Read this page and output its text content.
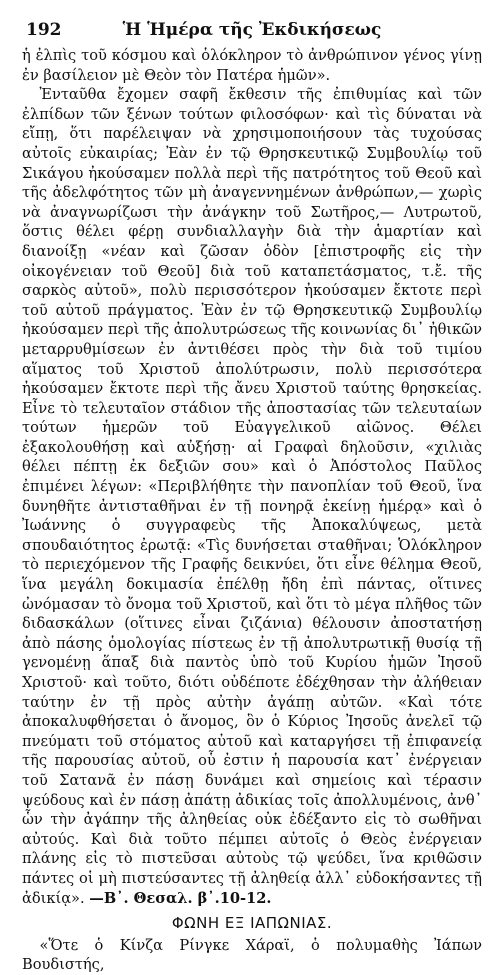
192	Ἡ Ἡμέρα τῆς Ἐκδικήσεως

ἡ ἐλπὶς τοῦ κόσμου καὶ ὁλόκληρον τὸ ἀνθρώπινον γένος γίνῃ ἐν βασίλειον μὲ Θεὸν τὸν Πατέρα ἡμῶν».

Ἐνταῦθα ἔχομεν σαφῆ ἔκθεσιν τῆς ἐπιθυμίας καὶ τῶν ἐλπίδων τῶν ξένων τούτων φιλοσόφων· καὶ τὶς δύναται νὰ εἴπῃ, ὅτι παρέλειψαν νὰ χρησιμοποιήσουν τὰς τυχούσας αὐτοῖς εὐκαιρίας; Ἐὰν ἐν τῷ Θρησκευτικῷ Συμβουλίῳ τοῦ Σικάγου ἠκούσαμεν πολλὰ περὶ τῆς πατρότητος τοῦ Θεοῦ καὶ τῆς ἀδελφότητος τῶν μὴ ἀναγεννημένων ἀνθρώπων,— χωρὶς νὰ ἀναγνωρίζωσι τὴν ἀνάγκην τοῦ Σωτῆρος,— Λυτρωτοῦ, ὅστις θέλει φέρῃ συνδιαλλαγὴν διὰ τὴν ἁμαρτίαν καὶ διανοίξῃ «νέαν καὶ ζῶσαν ὁδὸν [ἐπιστροφῆς εἰς τὴν οἰκογένειαν τοῦ Θεοῦ] διὰ τοῦ καταπετάσματος, τ.ἔ. τῆς σαρκὸς αὐτοῦ», πολὺ περισσότερον ἠκούσαμεν ἔκτοτε περὶ τοῦ αὐτοῦ πράγματος. Ἐὰν ἐν τῷ Θρησκευτικῷ Συμβουλίῳ ἠκούσαμεν περὶ τῆς ἀπολυτρώσεως τῆς κοινωνίας δι᾽ ἠθικῶν μεταρρυθμίσεων ἐν ἀντιθέσει πρὸς τὴν διὰ τοῦ τιμίου αἵματος τοῦ Χριστοῦ ἀπολύτρωσιν, πολὺ περισσότερα ἠκούσαμεν ἔκτοτε περὶ τῆς ἄνευ Χριστοῦ ταύτης θρησκείας. Εἶνε τὸ τελευταῖον στάδιον τῆς ἀποστασίας τῶν τελευταίων τούτων ἡμερῶν τοῦ Εὐαγγελικοῦ αἰῶνος. Θέλει ἐξακολουθήσῃ καὶ αὐξήσῃ· αἱ Γραφαὶ δηλοῦσιν, «χιλιὰς θέλει πέπτῃ ἐκ δεξιῶν σου» καὶ ὁ Ἀπόστολος Παῦλος ἐπιμένει λέγων: «Περιβλήθητε τὴν πανοπλίαν τοῦ Θεοῦ, ἵνα δυνηθῆτε ἀντισταθῆναι ἐν τῇ πονηρᾷ ἐκείνῃ ἡμέρᾳ» καὶ ὁ Ἰωάννης ὁ συγγραφεὺς τῆς Ἀποκαλύψεως, μετὰ σπουδαιότητος ἐρωτᾷ: «Τὶς δυνήσεται σταθῆναι; Ὁλόκληρον τὸ περιεχόμενον τῆς Γραφῆς δεικνύει, ὅτι εἶνε θέλημα Θεοῦ, ἵνα μεγάλη δοκιμασία ἐπέλθῃ ἤδη ἐπὶ πάντας, οἵτινες ὠνόμασαν τὸ ὄνομα τοῦ Χριστοῦ, καὶ ὅτι τὸ μέγα πλῆθος τῶν διδασκάλων (οἵτινες εἶναι ζιζάνια) θέλουσιν ἀποστατήσῃ ἀπὸ πάσης ὁμολογίας πίστεως ἐν τῇ ἀπολυτρωτικῇ θυσίᾳ τῇ γενομένῃ ἅπαξ διὰ παντὸς ὑπὸ τοῦ Κυρίου ἡμῶν Ἰησοῦ Χριστοῦ· καὶ τοῦτο, διότι οὐδέποτε ἐδέχθησαν τὴν ἀλήθειαν ταύτην ἐν τῇ πρὸς αὐτὴν ἀγάπῃ αὐτῶν. «Καὶ τότε ἀποκαλυφθήσεται ὁ ἄνομος, ὃν ὁ Κύριος Ἰησοῦς ἀνελεῖ τῷ πνεύματι τοῦ στόματος αὐτοῦ καὶ καταργήσει τῇ ἐπιφανείᾳ τῆς παρουσίας αὐτοῦ, οὗ ἐστιν ἡ παρουσία κατ᾽ ἐνέργειαν τοῦ Σατανᾶ ἐν πάσῃ δυνάμει καὶ σημείοις καὶ τέρασιν ψεύδους καὶ ἐν πάσῃ ἀπάτῃ ἀδικίας τοῖς ἀπολλυμένοις, ἀνθ᾽ ὧν τὴν ἀγάπην τῆς ἀληθείας οὐκ ἐδέξαντο εἰς τὸ σωθῆναι αὐτούς. Καὶ διὰ τοῦτο πέμπει αὐτοῖς ὁ Θεὸς ἐνέργειαν πλάνης εἰς τὸ πιστεῦσαι αὐτοὺς τῷ ψεύδει, ἵνα κριθῶσιν πάντες οἱ μὴ πιστεύσαντες τῇ ἀληθείᾳ ἀλλ᾽ εὐδοκήσαντες τῇ ἀδικίᾳ». —Β᾽. Θεσαλ. β᾽.10-12.

ΦΩΝΗ ΕΞ ΙΑΠΩΝΙΑΣ.

«Ὅτε ὁ Κίνζα Ρίνγκε Χάραϊ, ὁ πολυμαθὴς Ἰάπων Βουδιστής,
